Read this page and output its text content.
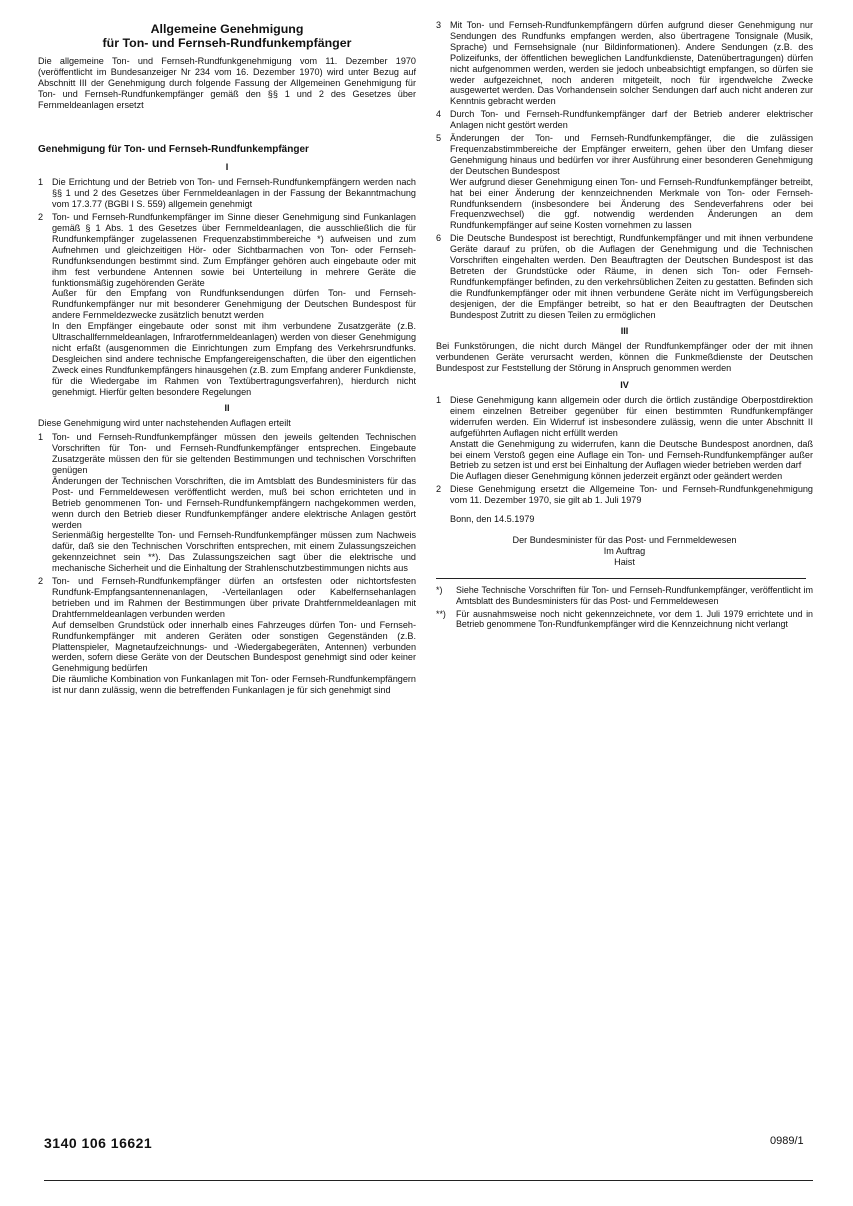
Allgemeine Genehmigung
für Ton- und Fernseh-Rundfunkempfänger
Die allgemeine Ton- und Fernseh-Rundfunkgenehmigung vom 11. Dezember 1970 (veröffentlicht im Bundesanzeiger Nr 234 vom 16. Dezember 1970) wird unter Bezug auf Abschnitt III der Genehmigung durch folgende Fassung der Allgemeinen Genehmigung für Ton- und Fernseh-Rundfunkempfänger gemäß den §§ 1 und 2 des Gesetzes über Fernmeldeanlagen ersetzt
Genehmigung für Ton- und Fernseh-Rundfunkempfänger
I
1 Die Errichtung und der Betrieb von Ton- und Fernseh-Rundfunkempfängern werden nach §§ 1 und 2 des Gesetzes über Fernmeldeanlagen in der Fassung der Bekanntmachung vom 17.3.77 (BGBl I S. 559) allgemein genehmigt
2 Ton- und Fernseh-Rundfunkempfänger im Sinne dieser Genehmigung sind Funkanlagen gemäß § 1 Abs. 1 des Gesetzes über Fernmeldeanlagen, die ausschließlich die für Rundfunkempfänger zugelassenen Frequenzabstimmbereiche *) aufweisen und zum Aufnehmen und gleichzeitigen Hör- oder Sichtbarmachen von Ton- oder Fernseh-Rundfunksendungen bestimmt sind. Zum Empfänger gehören auch eingebaute oder mit ihm fest verbundene Antennen sowie bei Unterteilung in mehrere Geräte die funktionsmäßig zugehörenden Geräte
Außer für den Empfang von Rundfunksendungen dürfen Ton- und Fernseh-Rundfunkempfänger nur mit besonderer Genehmigung der Deutschen Bundespost für andere Fernmeldezwecke zusätzlich benutzt werden
In den Empfänger eingebaute oder sonst mit ihm verbundene Zusatzgeräte (z.B. Ultraschallfernmeldeanlagen, Infrarotfernmeldeanlagen) werden von dieser Genehmigung nicht erfaßt (ausgenommen die Einrichtungen zum Empfang des Verkehrsrundfunks. Desgleichen sind andere technische Empfangereigenschaften, die über den eigentlichen Zweck eines Rundfunkempfängers hinausgehen (z.B. zum Empfang anderer Funkdienste, für die Wiedergabe im Rahmen von Textübertragungsverfahren), hierdurch nicht genehmigt. Hierfür gelten besondere Regelungen
II
Diese Genehmigung wird unter nachstehenden Auflagen erteilt
1 Ton- und Fernseh-Rundfunkempfänger müssen den jeweils geltenden Technischen Vorschriften für Ton- und Fernseh-Rundfunkempfänger entsprechen. Eingebaute Zusatzgeräte müssen den für sie geltenden Bestimmungen und technischen Vorschriften genügen
Änderungen der Technischen Vorschriften, die im Amtsblatt des Bundesministers für das Post- und Fernmeldewesen veröffentlicht werden, muß bei schon errichteten und in Betrieb genommenen Ton- und Fernseh-Rundfunkempfängern nachgekommen werden, wenn durch den Betrieb dieser Rundfunkempfänger andere elektrische Anlagen gestört werden
Serienmäßig hergestellte Ton- und Fernseh-Rundfunkempfänger müssen zum Nachweis dafür, daß sie den Technischen Vorschriften entsprechen, mit einem Zulassungszeichen gekennzeichnet sein **). Das Zulassungszeichen sagt über die elektrische und mechanische Sicherheit und die Einhaltung der Strahlenschutzbestimmungen nichts aus
2 Ton- und Fernseh-Rundfunkempfänger dürfen an ortsfesten oder nichtortsfesten Rundfunk-Empfangsantennenanlagen, -Verteilanlagen oder Kabelfernsehanlagen betrieben und im Rahmen der Bestimmungen über private Drahtfernmeldeanlagen mit Drahtfernmeldeanlagen verbunden werden
Auf demselben Grundstück oder innerhalb eines Fahrzeuges dürfen Ton- und Fernseh-Rundfunkempfänger mit anderen Geräten oder sonstigen Gegenständen (z.B. Plattenspieler, Magnetaufzeichnungs- und -Wiedergabegeräten, Antennen) verbunden werden, sofern diese Geräte von der Deutschen Bundespost genehmigt sind oder keiner Genehmigung bedürfen
Die räumliche Kombination von Funkanlagen mit Ton- oder Fernseh-Rundfunkempfängern ist nur dann zulässig, wenn die betreffenden Funkanlagen je für sich genehmigt sind
3 Mit Ton- und Fernseh-Rundfunkempfängern dürfen aufgrund dieser Genehmigung nur Sendungen des Rundfunks empfangen werden, also übertragene Tonsignale (Musik, Sprache) und Fernsehsignale (nur Bildinformationen). Andere Sendungen (z.B. des Polizeifunks, der öffentlichen beweglichen Landfunkdienste, Datenübertragungen) dürfen nicht aufgenommen werden, werden sie jedoch unbeabsichtigt empfangen, so dürfen sie weder aufgezeichnet, noch anderen mitgeteilt, noch für irgendwelche Zwecke ausgewertet werden. Das Vorhandensein solcher Sendungen darf auch nicht anderen zur Kenntnis gebracht werden
4 Durch Ton- und Fernseh-Rundfunkempfänger darf der Betrieb anderer elektrischer Anlagen nicht gestört werden
5 Änderungen der Ton- und Fernseh-Rundfunkempfänger, die die zulässigen Frequenzabstimmbereiche der Empfänger erweitern, gehen über den Umfang dieser Genehmigung hinaus und bedürfen vor ihrer Ausführung einer besonderen Genehmigung der Deutschen Bundespost
Wer aufgrund dieser Genehmigung einen Ton- und Fernseh-Rundfunkempfänger betreibt, hat bei einer Änderung der kennzeichnenden Merkmale von Ton- oder Fernseh-Rundfunksendern (insbesondere bei Änderung des Sendeverfahrens oder bei Frequenzwechsel) die ggf. notwendig werdenden Änderungen an dem Rundfunkempfänger auf seine Kosten vornehmen zu lassen
6 Die Deutsche Bundespost ist berechtigt, Rundfunkempfänger und mit ihnen verbundene Geräte darauf zu prüfen, ob die Auflagen der Genehmigung und die Technischen Vorschriften eingehalten werden. Den Beauftragten der Deutschen Bundespost ist das Betreten der Grundstücke oder Räume, in denen sich Ton- oder Fernseh-Rundfunkempfänger befinden, zu den verkehrsüblichen Zeiten zu gestatten. Befinden sich die Rundfunkempfänger oder mit ihnen verbundene Geräte nicht im Verfügungsbereich desjenigen, der die Empfänger betreibt, so hat er den Beauftragten der Deutschen Bundespost Zutritt zu diesen Teilen zu ermöglichen
III
Bei Funkstörungen, die nicht durch Mängel der Rundfunkempfänger oder der mit ihnen verbundenen Geräte verursacht werden, können die Funkmeßdienste der Deutschen Bundespost zur Feststellung der Störung in Anspruch genommen werden
IV
1 Diese Genehmigung kann allgemein oder durch die örtlich zuständige Oberpostdirektion einem einzelnen Betreiber gegenüber für einen bestimmten Rundfunkempfänger widerrufen werden. Ein Widerruf ist insbesondere zulässig, wenn die unter Abschnitt II aufgeführten Auflagen nicht erfüllt werden
Anstatt die Genehmigung zu widerrufen, kann die Deutsche Bundespost anordnen, daß bei einem Verstoß gegen eine Auflage ein Ton- und Fernseh-Rundfunkempfänger außer Betrieb zu setzen ist und erst bei Einhaltung der Auflagen wieder betrieben werden darf
Die Auflagen dieser Genehmigung können jederzeit ergänzt oder geändert werden
2 Diese Genehmigung ersetzt die Allgemeine Ton- und Fernseh-Rundfunkgenehmigung vom 11. Dezember 1970, sie gilt ab 1. Juli 1979
Bonn, den 14.5.1979
Der Bundesminister für das Post- und Fernmeldewesen
Im Auftrag
Haist
*) Siehe Technische Vorschriften für Ton- und Fernseh-Rundfunkempfänger, veröffentlicht im Amtsblatt des Bundesministers für das Post- und Fernmeldewesen
**) Für ausnahmsweise noch nicht gekennzeichnete, vor dem 1. Juli 1979 errichtete und in Betrieb genommene Ton-Rundfunkempfänger wird die Kennzeichnung nicht verlangt
3140 106 16621	0989/1
